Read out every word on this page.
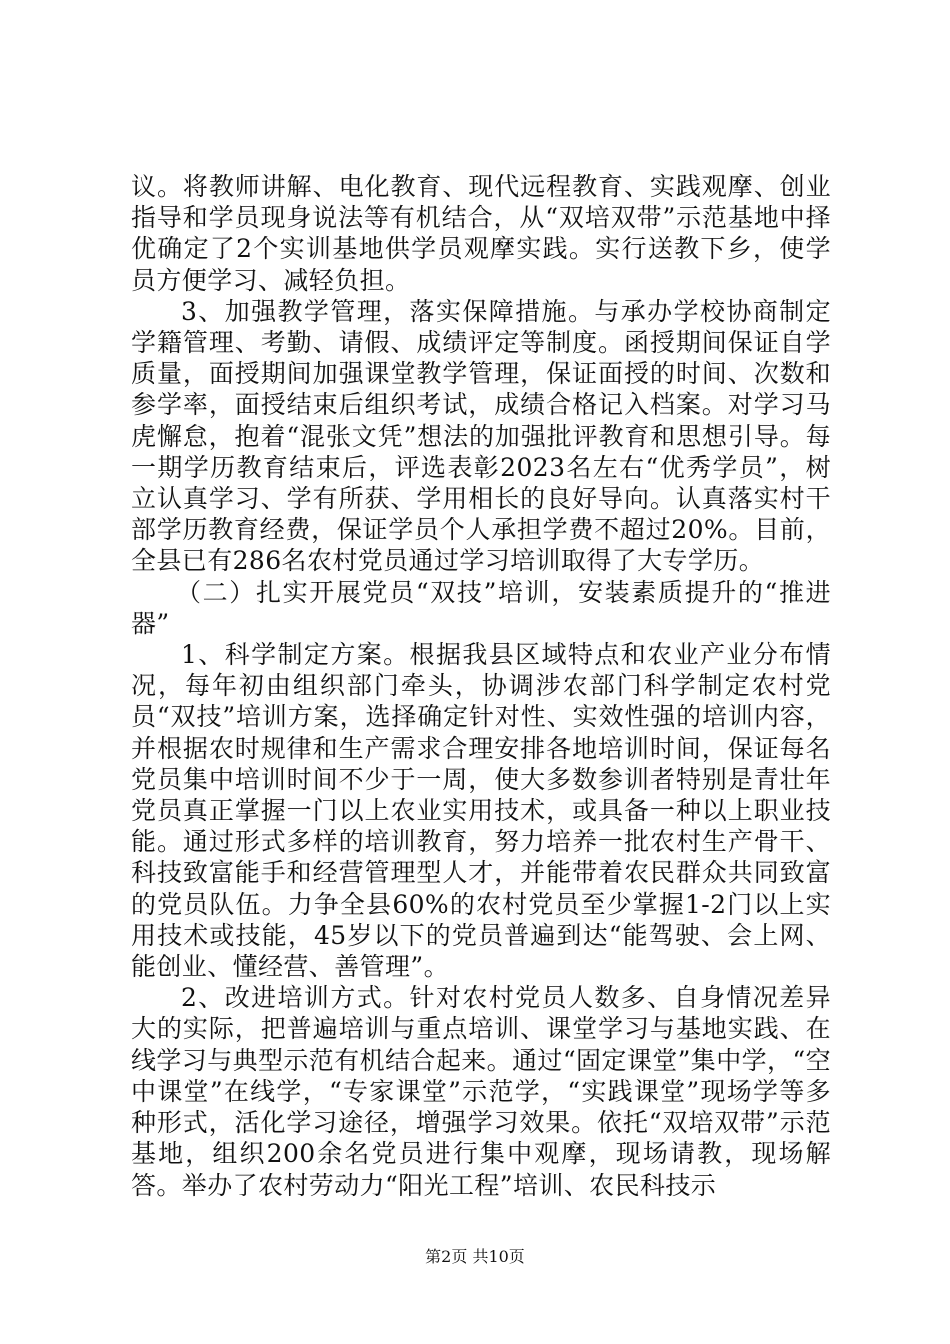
议。将教师讲解、电化教育、现代远程教育、实践观摩、创业指导和学员现身说法等有机结合，从“双培双带”示范基地中择优确定了2个实训基地供学员观摩实践。实行送教下乡，使学员方便学习、减轻负担。

3、加强教学管理，落实保障措施。与承办学校协商制定学籍管理、考勤、请假、成绩评定等制度。函授期间保证自学质量，面授期间加强课堂教学管理，保证面授的时间、次数和参学率，面授结束后组织考试，成绩合格记入档案。对学习马虎懈怠，抱着“混张文凭”想法的加强批评教育和思想引导。每一期学历教育结束后，评选表彰2023名左右“优秀学员”，树立认真学习、学有所获、学用相长的良好导向。认真落实村干部学历教育经费，保证学员个人承担学费不超过20%。目前，全县已有286名农村党员通过学习培训取得了大专学历。

（二）扎实开展党员“双技”培训，安装素质提升的“推进器”

1、科学制定方案。根据我县区域特点和农业产业分布情况，每年初由组织部门牵头，协调涉农部门科学制定农村党员“双技”培训方案，选择确定针对性、实效性强的培训内容，并根据农时规律和生产需求合理安排各地培训时间，保证每名党员集中培训时间不少于一周，使大多数参训者特别是青壮年党员真正掌握一门以上农业实用技术，或具备一种以上职业技能。通过形式多样的培训教育，努力培养一批农村生产骨干、科技致富能手和经营管理型人才，并能带着农民群众共同致富的党员队伍。力争全县60%的农村党员至少掌握1-2门以上实用技术或技能，45岁以下的党员普遍到达“能驾驶、会上网、能创业、懂经营、善管理”。

2、改进培训方式。针对农村党员人数多、自身情况差异大的实际，把普遍培训与重点培训、课堂学习与基地实践、在线学习与典型示范有机结合起来。通过“固定课堂”集中学，“空中课堂”在线学，“专家课堂”示范学，“实践课堂”现场学等多种形式，活化学习途径，增强学习效果。依托“双培双带”示范基地，组织200余名党员进行集中观摩，现场请教，现场解答。举办了农村劳动力“阳光工程”培训、农民科技示

第2页 共10页
